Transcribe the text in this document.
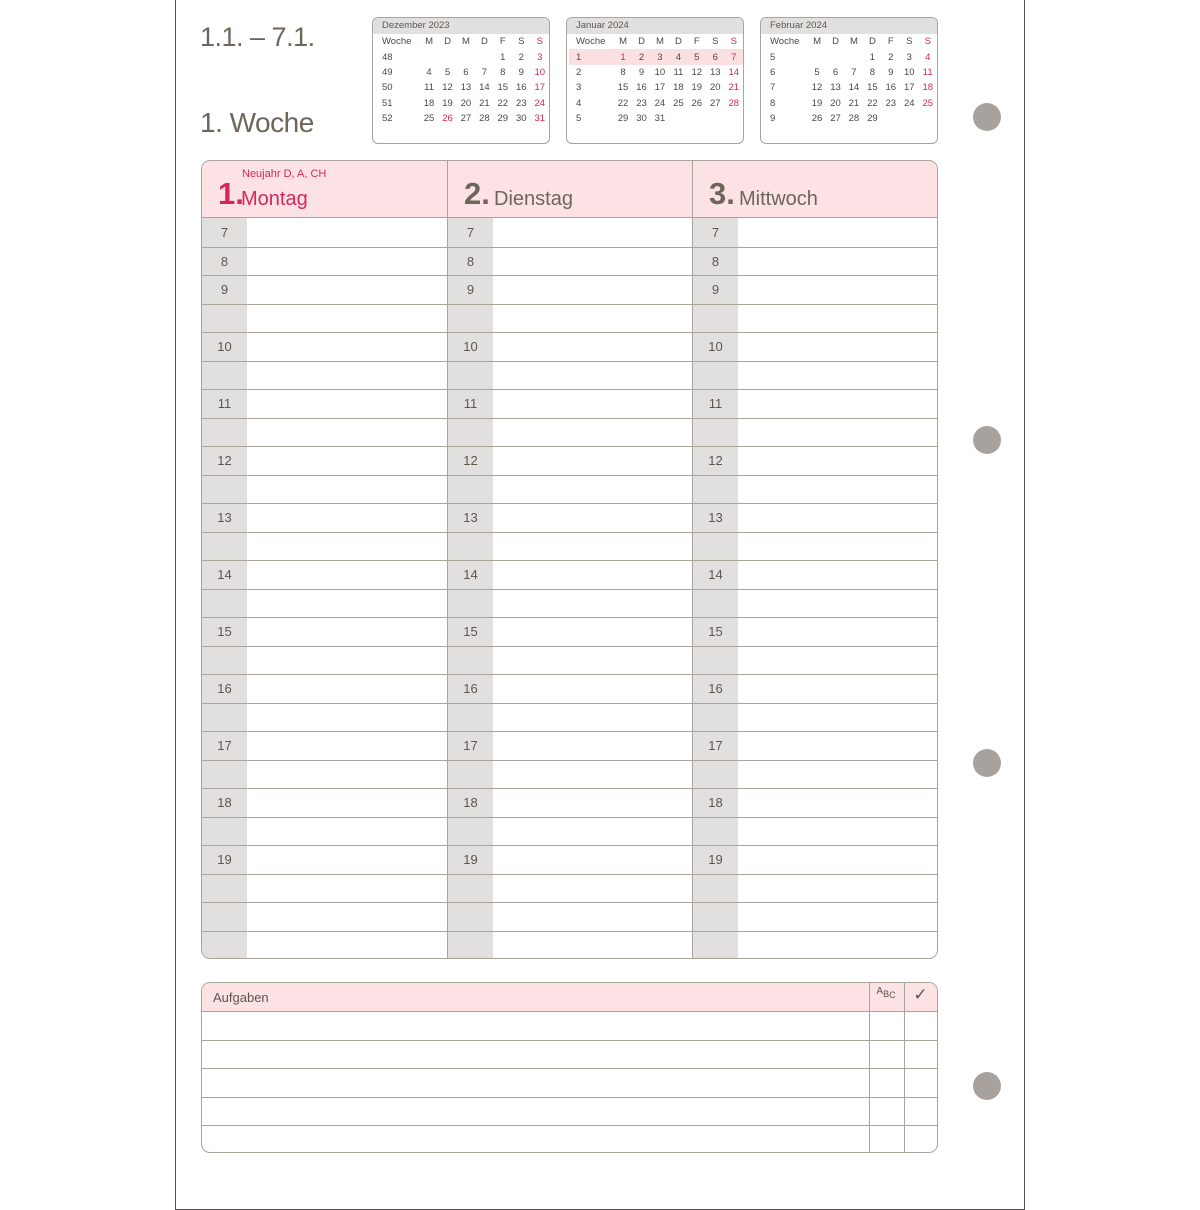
1.1. – 7.1.
1. Woche
Dezember 2023
Woche	M	D	M	D	F	S	S
48					1	2	3
49	4	5	6	7	8	9	10
50	11	12	13	14	15	16	17
51	18	19	20	21	22	23	24
52	25	26	27	28	29	30	31
Januar 2024
Woche	M	D	M	D	F	S	S
1	1	2	3	4	5	6	7
2	8	9	10	11	12	13	14
3	15	16	17	18	19	20	21
4	22	23	24	25	26	27	28
5	29	30	31				
Februar 2024
Woche	M	D	M	D	F	S	S
5				1	2	3	4
6	5	6	7	8	9	10	11
7	12	13	14	15	16	17	18
8	19	20	21	22	23	24	25
9	26	27	28	29			
Neujahr D, A, CH
1.
Montag
7
8
9
10
11
12
13
14
15
16
17
18
19
2. Dienstag
7
8
9
10
11
12
13
14
15
16
17
18
19
3. Mittwoch
7
8
9
10
11
12
13
14
15
16
17
18
19
Aufgaben	$A_{BC}$	✓
